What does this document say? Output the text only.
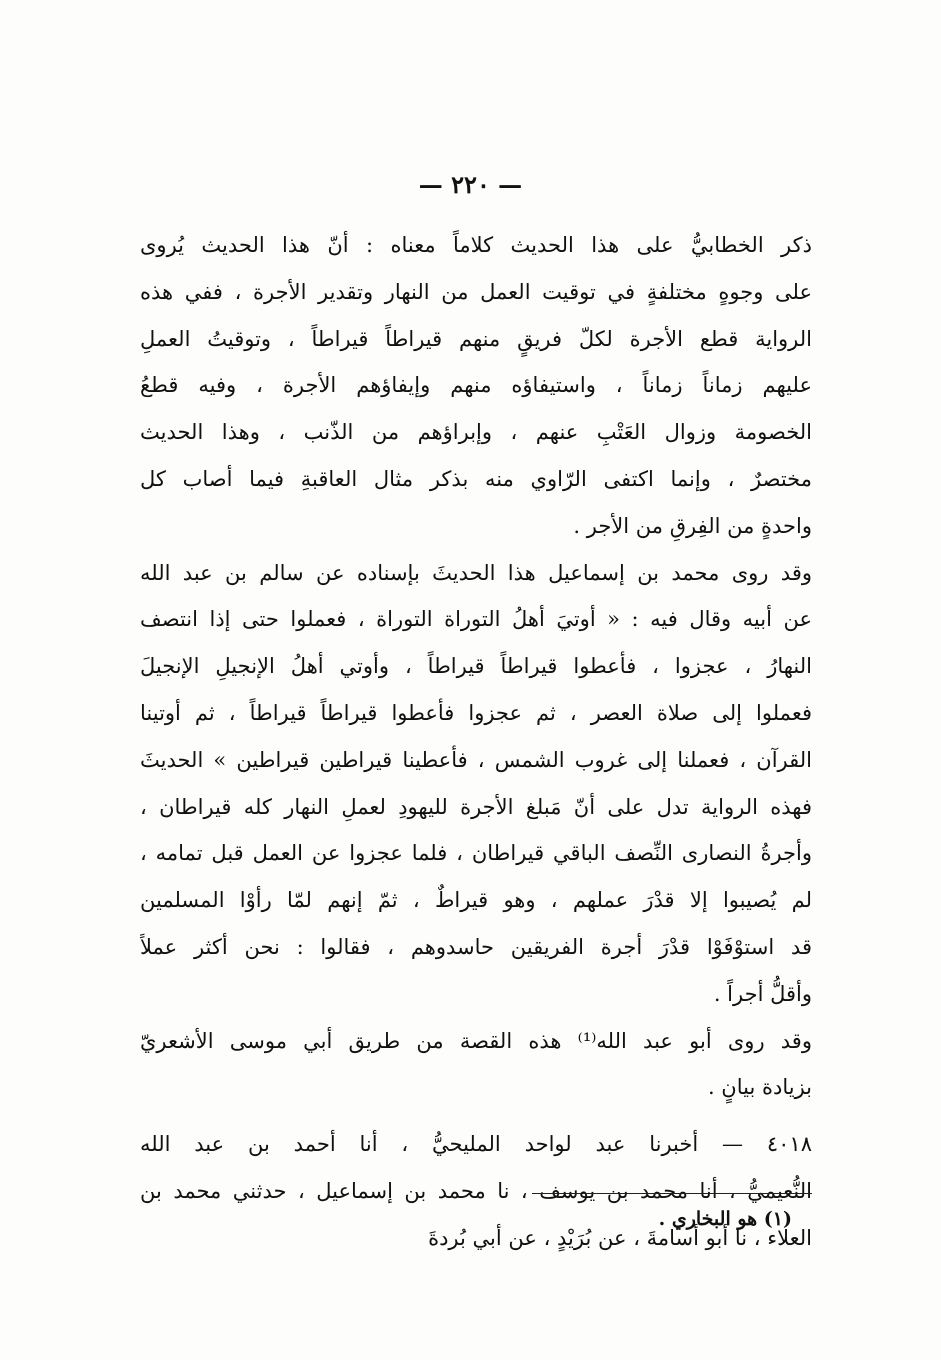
— ٢٢٠ —
ذكر الخطابيُّ على هذا الحديث كلاماً معناه : أنّ هذا الحديث يُروى
على وجوهٍ مختلفةٍ في توقيت العمل من النهار وتقدير الأجرة ، ففي هذه
الرواية قطع الأجرة لكلّ فريقٍ منهم قيراطاً قيراطاً ، وتوقيتُ العملِ
عليهم زماناً زماناً ، واستيفاؤه منهم وإيفاؤهم الأجرة ، وفيه قطعُ
الخصومة وزوال العَتْبِ عنهم ، وإبراؤهم من الذّنب ، وهذا الحديث
مختصرٌ ، وإنما اكتفى الرّاوي منه بذكر مثال العاقبةِ فيما أصاب كل
واحدةٍ من الفِرقِ من الأجر .
وقد روى محمد بن إسماعيل هذا الحديثَ بإسناده عن سالم بن عبد الله
عن أبيه وقال فيه : « أوتيَ أهلُ التوراة التوراة ، فعملوا حتى إذا انتصف
النهارُ ، عجزوا ، فأعطوا قيراطاً قيراطاً ، وأوتي أهلُ الإنجيلِ الإنجيلَ
فعملوا إلى صلاة العصر ، ثم عجزوا فأعطوا قيراطاً قيراطاً ، ثم أوتينا
القرآن ، فعملنا إلى غروب الشمس ، فأعطينا قيراطين قيراطين » الحديثَ
فهذه الرواية تدل على أنّ مَبلغ الأجرة لليهودِ لعملِ النهار كله قيراطان ،
وأجرةُ النصارى النِّصف الباقي قيراطان ، فلما عجزوا عن العمل قبل تمامه ،
لم يُصيبوا إلا قدْرَ عملهم ، وهو قيراطٌ ، ثمّ إنهم لمّا رأوْا المسلمين
قد استوْفَوْا قدْرَ أجرة الفريقين حاسدوهم ، فقالوا : نحن أكثر عملاً
وأقلُّ أجراً .
وقد روى أبو عبد الله⁽¹⁾ هذه القصة من طريق أبي موسى الأشعريّ
بزيادة بيانٍ .
٤٠١٨ — أخبرنا عبد لواحد المليحيُّ ، أنا أحمد بن عبد الله
النُّعيميُّ ، أنا محمد بن يوسف ، نا محمد بن إسماعيل ، حدثني محمد بن
العلاء ، نا أبو أسامةَ ، عن بُرَيْدٍ ، عن أبي بُردةَ
(١) هو البخاري .
